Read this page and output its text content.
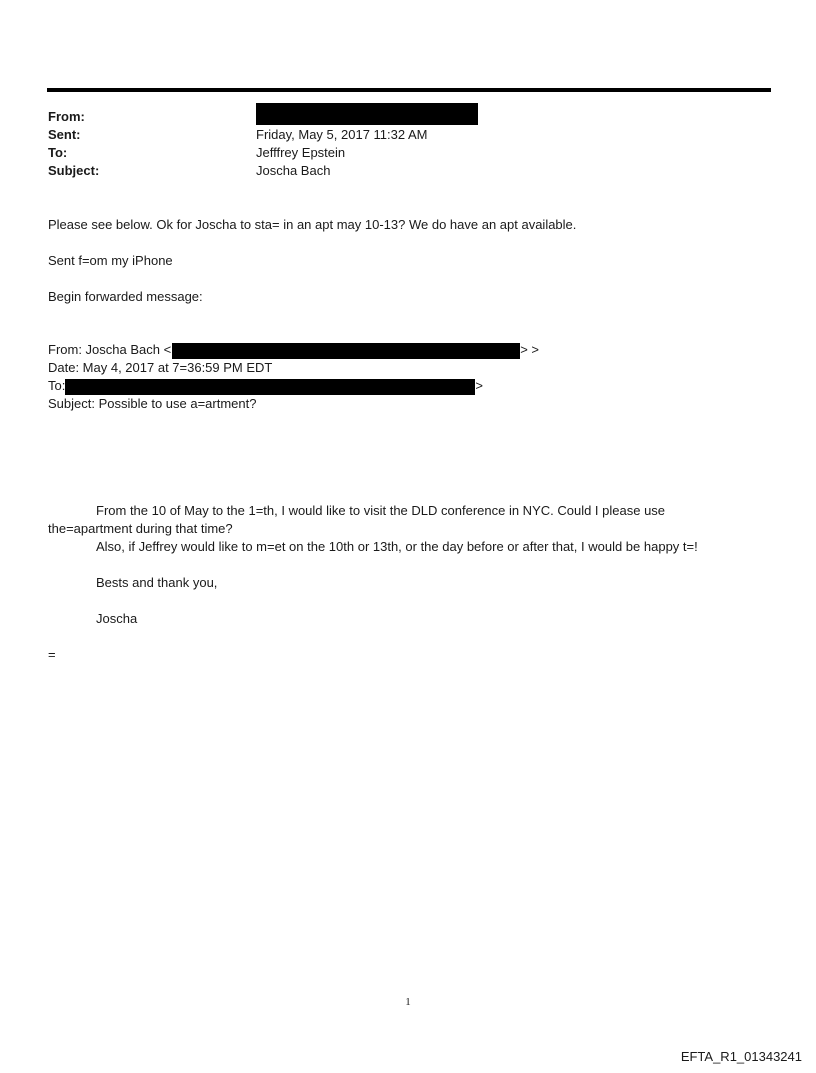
From:
Sent:	Friday, May 5, 2017 11:32 AM
To:	Jefffrey Epstein
Subject:	Joscha Bach
Please see below. Ok for Joscha to sta= in an apt may 10-13? We do have an apt available.
Sent f=om my iPhone
Begin forwarded message:
From: Joscha Bach <	> >
Date: May 4, 2017 at 7=36:59 PM EDT
To:	>
Subject: Possible to use a=artment?
From the 10 of May to the 1=th, I would like to visit the DLD conference in NYC. Could I please use
the=apartment during that time?
Also, if Jeffrey would like to m=et on the 10th or 13th, or the day before or after that, I would be happy t=!
Bests and thank you,
Joscha
=
1
EFTA_R1_01343241
